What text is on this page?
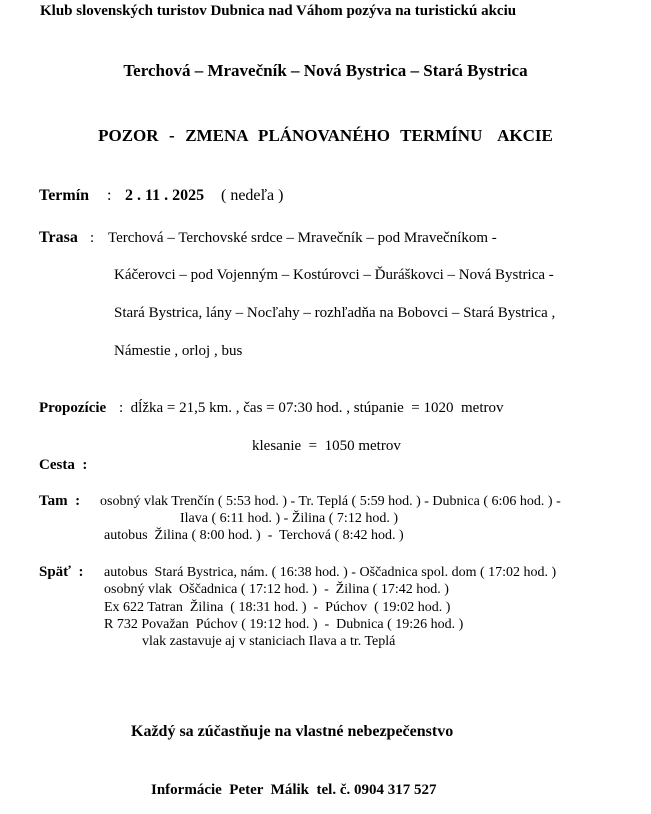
Klub slovenských turistov Dubnica nad Váhom pozýva na turistickú akciu
Terchová – Mravečník – Nová Bystrica – Stará Bystrica
POZOR  -  ZMENA  PLÁNOVANÉHO  TERMÍNU   AKCIE
Termín : 2 . 11 . 2025 ( nedeľa )
Trasa : Terchová – Terchovské srdce – Mravečník – pod Mravečníkom -
Káčerovci – pod Vojenným – Kostúrovci – Ďuráškovci – Nová Bystrica -
Stará Bystrica, lány – Nocľahy – rozhľadňa na Bobovci – Stará Bystrica ,
Námestie , orloj , bus
Propozície :  dĺžka = 21,5 km. , čas = 07:30 hod. , stúpanie  = 1020  metrov
klesanie  =  1050 metrov
Cesta  :
Tam  : osobný vlak Trenčín ( 5:53 hod. ) - Tr. Teplá ( 5:59 hod. ) - Dubnica ( 6:06 hod. ) -
Ilava ( 6:11 hod. ) - Žilina ( 7:12 hod. )
autobus  Žilina ( 8:00 hod. )  -  Terchová ( 8:42 hod. )
Späť  : autobus  Stará Bystrica, nám. ( 16:38 hod. ) - Oščadnica spol. dom ( 17:02 hod. )
osobný vlak  Oščadnica ( 17:12 hod. )  -  Žilina ( 17:42 hod. )
Ex 622 Tatran  Žilina  ( 18:31 hod. )  -  Púchov  ( 19:02 hod. )
R 732 Považan  Púchov ( 19:12 hod. )  -  Dubnica ( 19:26 hod. )
vlak zastavuje aj v staniciach Ilava a tr. Teplá
Každý sa zúčastňuje na vlastné nebezpečenstvo
Informácie  Peter  Málik  tel. č. 0904 317 527
